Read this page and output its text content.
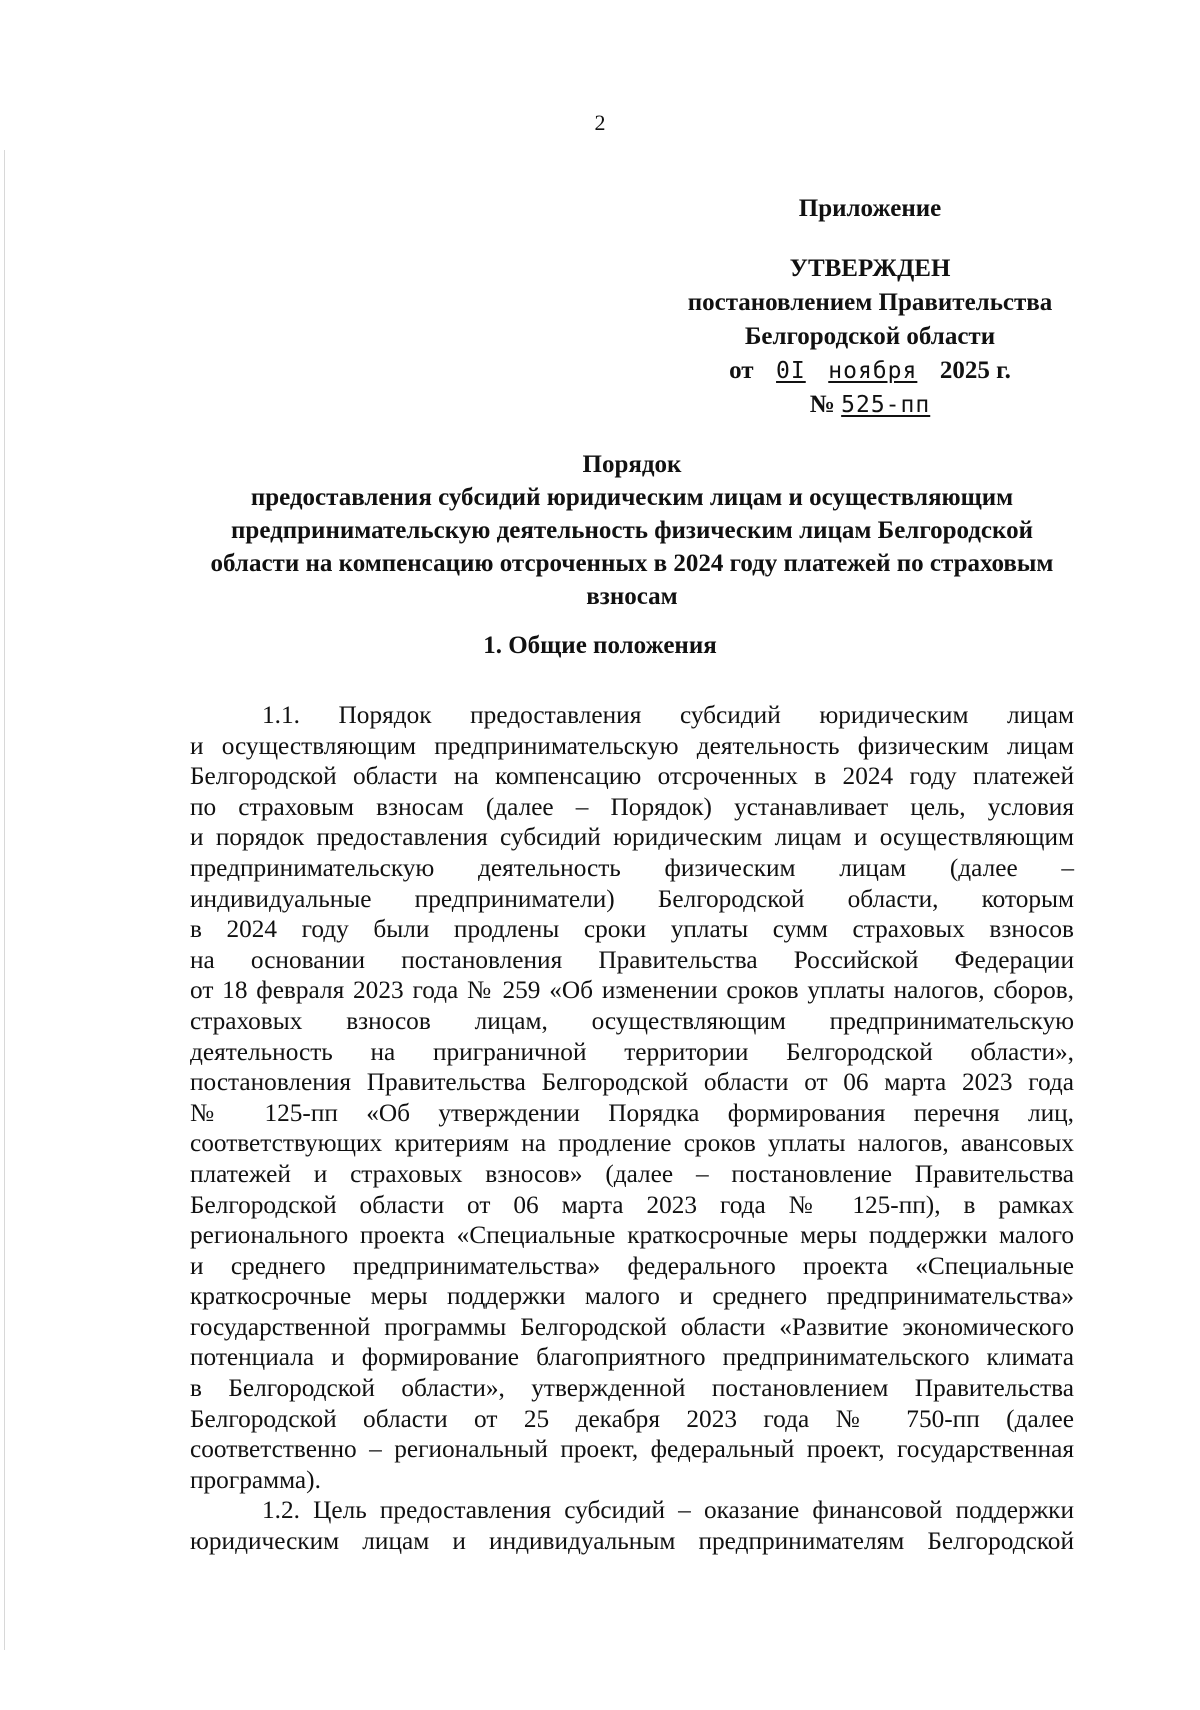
2
Приложение
УТВЕРЖДЕН
постановлением Правительства
Белгородской области
от 0I ноября 2025 г.
№ 525-пп
Порядок
предоставления субсидий юридическим лицам и осуществляющим
предпринимательскую деятельность физическим лицам Белгородской
области на компенсацию отсроченных в 2024 году платежей по страховым
взносам
1. Общие положения
1.1. Порядок предоставления субсидий юридическим лицам
и осуществляющим предпринимательскую деятельность физическим лицам
Белгородской области на компенсацию отсроченных в 2024 году платежей
по страховым взносам (далее – Порядок) устанавливает цель, условия
и порядок предоставления субсидий юридическим лицам и осуществляющим
предпринимательскую деятельность физическим лицам (далее –
индивидуальные предприниматели) Белгородской области, которым
в 2024 году были продлены сроки уплаты сумм страховых взносов
на основании постановления Правительства Российской Федерации
от 18 февраля 2023 года № 259 «Об изменении сроков уплаты налогов, сборов,
страховых взносов лицам, осуществляющим предпринимательскую
деятельность на приграничной территории Белгородской области»,
постановления Правительства Белгородской области от 06 марта 2023 года
№ 125-пп «Об утверждении Порядка формирования перечня лиц,
соответствующих критериям на продление сроков уплаты налогов, авансовых
платежей и страховых взносов» (далее – постановление Правительства
Белгородской области от 06 марта 2023 года № 125-пп), в рамках
регионального проекта «Специальные краткосрочные меры поддержки малого
и среднего предпринимательства» федерального проекта «Специальные
краткосрочные меры поддержки малого и среднего предпринимательства»
государственной программы Белгородской области «Развитие экономического
потенциала и формирование благоприятного предпринимательского климата
в Белгородской области», утвержденной постановлением Правительства
Белгородской области от 25 декабря 2023 года № 750-пп (далее
соответственно – региональный проект, федеральный проект, государственная
программа).
1.2. Цель предоставления субсидий – оказание финансовой поддержки
юридическим лицам и индивидуальным предпринимателям Белгородской
